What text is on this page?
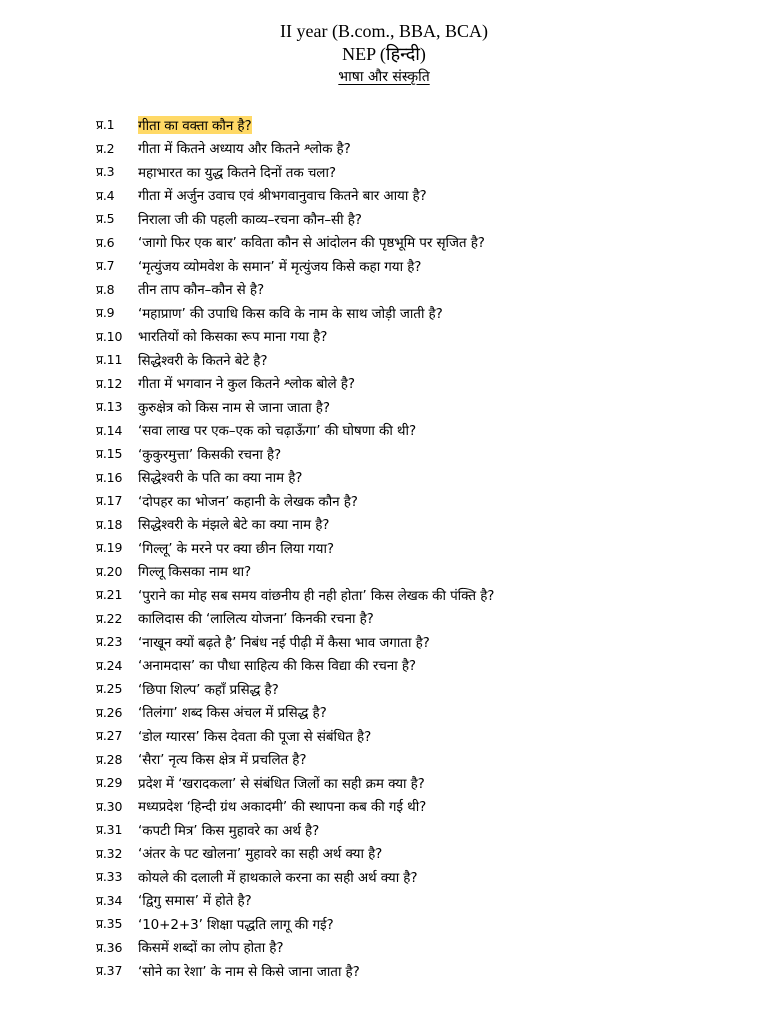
II year (B.com., BBA, BCA)
NEP (हिन्दी)
भाषा और संस्कृति
प्र.1	गीता का वक्ता कौन है?
प्र.2	गीता में कितने अध्याय और कितने श्लोक है?
प्र.3	महाभारत का युद्ध कितने दिनों तक चला?
प्र.4	गीता में अर्जुन उवाच एवं श्रीभगवानुवाच कितने बार आया है?
प्र.5	निराला जी की पहली काव्य–रचना कौन–सी है?
प्र.6	‘जागो फिर एक बार’ कविता कौन से आंदोलन की पृष्ठभूमि पर सृजित है?
प्र.7	‘मृत्युंजय व्योमवेश के समान’ में मृत्युंजय किसे कहा गया है?
प्र.8	तीन ताप कौन–कौन से है?
प्र.9	‘महाप्राण’ की उपाधि किस कवि के नाम के साथ जोड़ी जाती है?
प्र.10	भारतियों को किसका रूप माना गया है?
प्र.11	सिद्धेश्वरी के कितने बेटे है?
प्र.12	गीता में भगवान ने कुल कितने श्लोक बोले है?
प्र.13	कुरुक्षेत्र को किस नाम से जाना जाता है?
प्र.14	‘सवा लाख पर एक–एक को चढ़ाऊँगा’ की घोषणा की थी?
प्र.15	‘कुकुरमुत्ता’ किसकी रचना है?
प्र.16	सिद्धेश्वरी के पति का क्या नाम है?
प्र.17	‘दोपहर का भोजन’ कहानी के लेखक कौन है?
प्र.18	सिद्धेश्वरी के मंझले बेटे का क्या नाम है?
प्र.19	‘गिल्लू’ के मरने पर क्या छीन लिया गया?
प्र.20	गिल्लू किसका नाम था?
प्र.21	‘पुराने का मोह सब समय वांछनीय ही नही होता’ किस लेखक की पंक्ति है?
प्र.22	कालिदास की ‘लालित्य योजना’ किनकी रचना है?
प्र.23	‘नाखून क्यों बढ़ते है’ निबंध नई पीढ़ी में कैसा भाव जगाता है?
प्र.24	‘अनामदास’ का पौधा साहित्य की किस विद्या की रचना है?
प्र.25	‘छिपा शिल्प’ कहाँ प्रसिद्ध है?
प्र.26	‘तिलंगा’ शब्द किस अंचल में प्रसिद्ध है?
प्र.27	‘डोल ग्यारस’ किस देवता की पूजा से संबंधित है?
प्र.28	‘सैरा’ नृत्य किस क्षेत्र में प्रचलित है?
प्र.29	प्रदेश में ‘खरादकला’ से संबंधित जिलों का सही क्रम क्या है?
प्र.30	मध्यप्रदेश ‘हिन्दी ग्रंथ अकादमी’ की स्थापना कब की गई थी?
प्र.31	‘कपटी मित्र’ किस मुहावरे का अर्थ है?
प्र.32	‘अंतर के पट खोलना’ मुहावरे का सही अर्थ क्या है?
प्र.33	कोयले की दलाली में हाथकाले करना का सही अर्थ क्या है?
प्र.34	‘द्विगु समास’ में होते है?
प्र.35	‘10+2+3’ शिक्षा पद्धति लागू की गई?
प्र.36	किसमें शब्दों का लोप होता है?
प्र.37	‘सोने का रेशा’ के नाम से किसे जाना जाता है?
